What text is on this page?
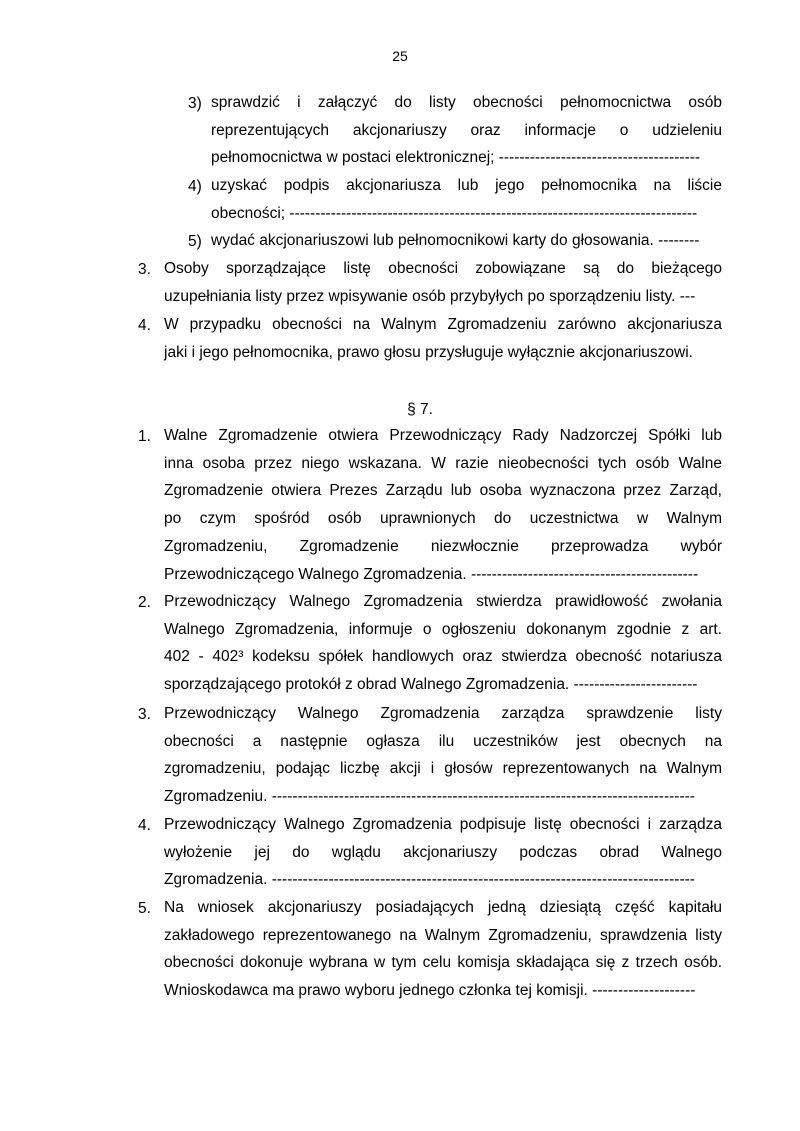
25
3) sprawdzić i załączyć do listy obecności pełnomocnictwa osób
reprezentujących akcjonariuszy oraz informacje o udzieleniu
pełnomocnictwa w postaci elektronicznej; ---------------------------------------
4) uzyskać podpis akcjonariusza lub jego pełnomocnika na liście
obecności; -------------------------------------------------------------------------------
5) wydać akcjonariuszowi lub pełnomocnikowi karty do głosowania. --------
3. Osoby sporządzające listę obecności zobowiązane są do bieżącego
uzupełniania listy przez wpisywanie osób przybyłych po sporządzeniu listy. ---
4. W przypadku obecności na Walnym Zgromadzeniu zarówno akcjonariusza
jaki i jego pełnomocnika, prawo głosu przysługuje wyłącznie akcjonariuszowi.
1. Walne Zgromadzenie otwiera Przewodniczący Rady Nadzorczej Spółki lub
inna osoba przez niego wskazana. W razie nieobecności tych osób Walne
Zgromadzenie otwiera Prezes Zarządu lub osoba wyznaczona przez Zarząd,
po czym spośród osób uprawnionych do uczestnictwa w Walnym
Zgromadzeniu, Zgromadzenie niezwłocznie przeprowadza wybór
Przewodniczącego Walnego Zgromadzenia. --------------------------------------------
2. Przewodniczący Walnego Zgromadzenia stwierdza prawidłowość zwołania
Walnego Zgromadzenia, informuje o ogłoszeniu dokonanym zgodnie z art.
402 - 402³ kodeksu spółek handlowych oraz stwierdza obecność notariusza
sporządzającego protokół z obrad Walnego Zgromadzenia. ------------------------
3. Przewodniczący Walnego Zgromadzenia zarządza sprawdzenie listy
obecności a następnie ogłasza ilu uczestników jest obecnych na
zgromadzeniu, podając liczbę akcji i głosów reprezentowanych na Walnym
Zgromadzeniu. ----------------------------------------------------------------------------------
4. Przewodniczący Walnego Zgromadzenia podpisuje listę obecności i zarządza
wyłożenie jej do wglądu akcjonariuszy podczas obrad Walnego
Zgromadzenia. ----------------------------------------------------------------------------------
5. Na wniosek akcjonariuszy posiadających jedną dziesiątą część kapitału
zakładowego reprezentowanego na Walnym Zgromadzeniu, sprawdzenia listy
obecności dokonuje wybrana w tym celu komisja składająca się z trzech osób.
Wnioskodawca ma prawo wyboru jednego członka tej komisji. --------------------
§ 7.
